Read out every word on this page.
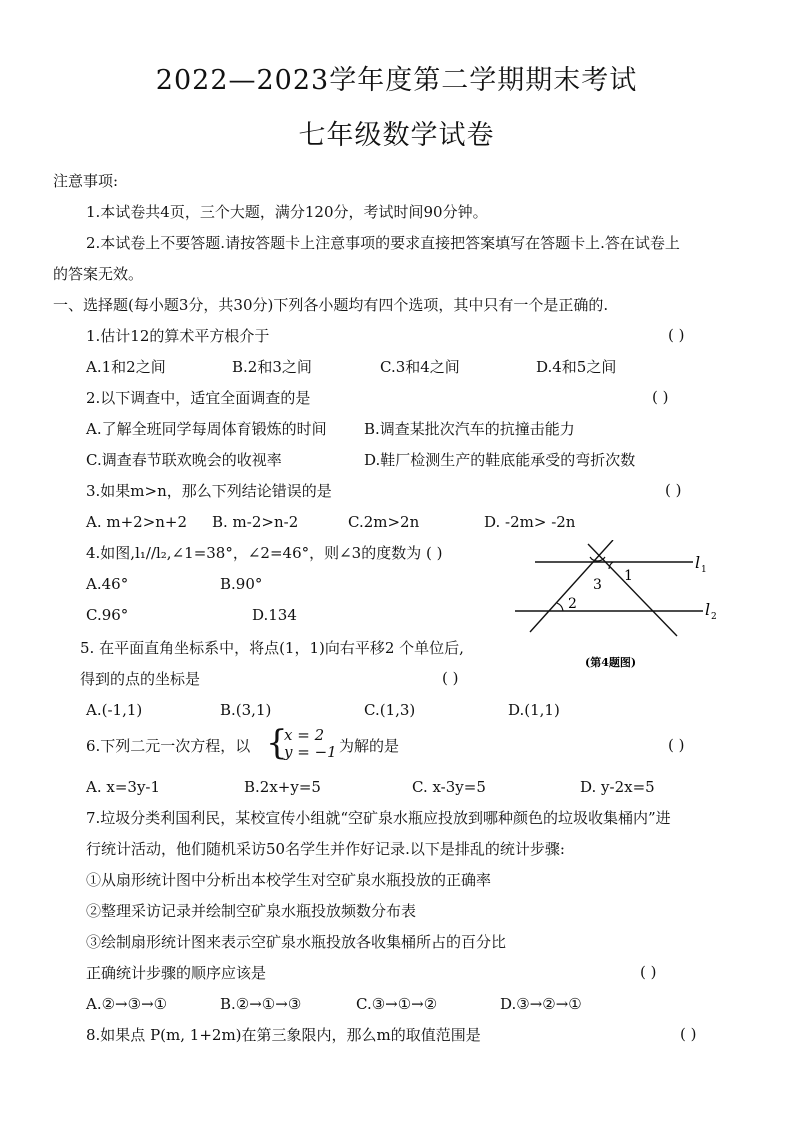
2022—2023学年度第二学期期末考试
七年级数学试卷
注意事项:
1.本试卷共4页，三个大题，满分120分，考试时间90分钟。
2.本试卷上不要答题.请按答题卡上注意事项的要求直接把答案填写在答题卡上.答在试卷上
的答案无效。
一、选择题(每小题3分，共30分)下列各小题均有四个选项，其中只有一个是正确的.
1.估计12的算术平方根介于	( )
A.1和2之间	B.2和3之间	C.3和4之间	D.4和5之间
2.以下调查中，适宜全面调查的是	( )
A.了解全班同学每周体育锻炼的时间 B.调查某批次汽车的抗撞击能力
C.调查春节联欢晚会的收视率	D.鞋厂检测生产的鞋底能承受的弯折次数
3.如果m>n，那么下列结论错误的是	( )
A. m+2>n+2 B. m-2>n-2	C.2m>2n	D. -2m> -2n
4.如图,l₁//l₂,∠1=38°，∠2=46°，则∠3的度数为 ( )
A.46°	B.90°
C.96°	D.134
1
2
3
l 1
l 2
(第4题图)
5. 在平面直角坐标系中，将点(1，1)向右平移2 个单位后,
得到的点的坐标是	( )
A.(-1,1)	B.(3,1)	C.(1,3)	D.(1,1)
6.下列二元一次方程，以 {
x = 2
y = −1 为解的是	( )
A. x=3y-1	B.2x+y=5	C. x-3y=5	D. y-2x=5
7.垃圾分类利国利民，某校宣传小组就“空矿泉水瓶应投放到哪种颜色的垃圾收集桶内”进
行统计活动，他们随机采访50名学生并作好记录.以下是排乱的统计步骤:
①从扇形统计图中分析出本校学生对空矿泉水瓶投放的正确率
②整理采访记录并绘制空矿泉水瓶投放频数分布表
③绘制扇形统计图来表示空矿泉水瓶投放各收集桶所占的百分比
正确统计步骤的顺序应该是	( )
A.②→③→①	B.②→①→③	C.③→①→②	D.③→②→①
8.如果点 P(m, 1+2m)在第三象限内，那么m的取值范围是	( )
